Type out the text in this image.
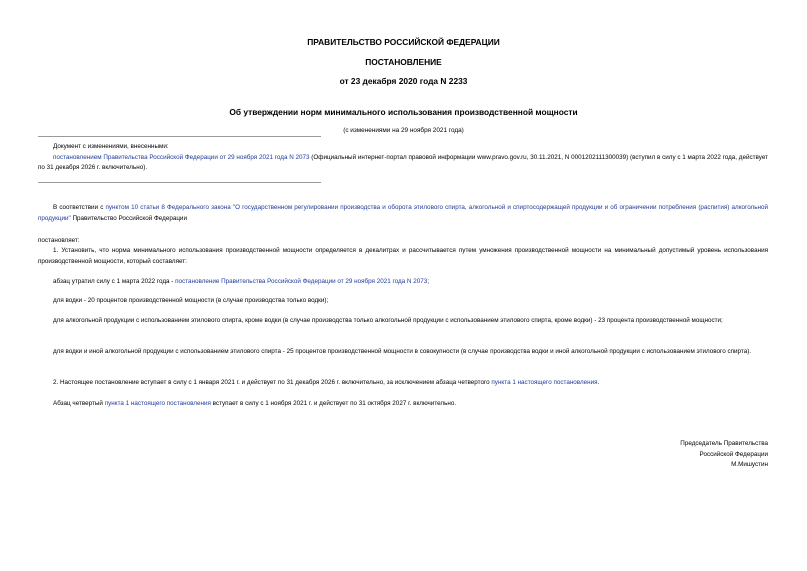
ПРАВИТЕЛЬСТВО РОССИЙСКОЙ ФЕДЕРАЦИИ
ПОСТАНОВЛЕНИЕ
от 23 декабря 2020 года N 2233
Об утверждении норм минимального использования производственной мощности
(с изменениями на 29 ноября 2021 года)
Документ с изменениями, внесенными:
постановлением Правительства Российской Федерации от 29 ноября 2021 года N 2073 (Официальный интернет-портал правовой информации www.pravo.gov.ru, 30.11.2021, N 0001202111300039) (вступил в силу с 1 марта 2022 года, действует по 31 декабря 2026 г. включительно).
В соответствии с пунктом 10 статьи 8 Федерального закона "О государственном регулировании производства и оборота этилового спирта, алкогольной и спиртосодержащей продукции и об ограничении потребления (распития) алкогольной продукции" Правительство Российской Федерации
постановляет:
1. Установить, что норма минимального использования производственной мощности определяется в декалитрах и рассчитывается путем умножения производственной мощности на минимальный допустимый уровень использования производственной мощности, который составляет:
абзац утратил силу с 1 марта 2022 года - постановление Правительства Российской Федерации от 29 ноября 2021 года N 2073;
для водки - 20 процентов производственной мощности (в случае производства только водки);
для алкогольной продукции с использованием этилового спирта, кроме водки (в случае производства только алкогольной продукции с использованием этилового спирта, кроме водки) - 23 процента производственной мощности;
для водки и иной алкогольной продукции с использованием этилового спирта - 25 процентов производственной мощности в совокупности (в случае производства водки и иной алкогольной продукции с использованием этилового спирта).
2. Настоящее постановление вступает в силу с 1 января 2021 г. и действует по 31 декабря 2026 г. включительно, за исключением абзаца четвертого пункта 1 настоящего постановления.
Абзац четвертый пункта 1 настоящего постановления вступает в силу с 1 ноября 2021 г. и действует по 31 октября 2027 г. включительно.
Председатель Правительства
Российской Федерации
М.Мишустин
